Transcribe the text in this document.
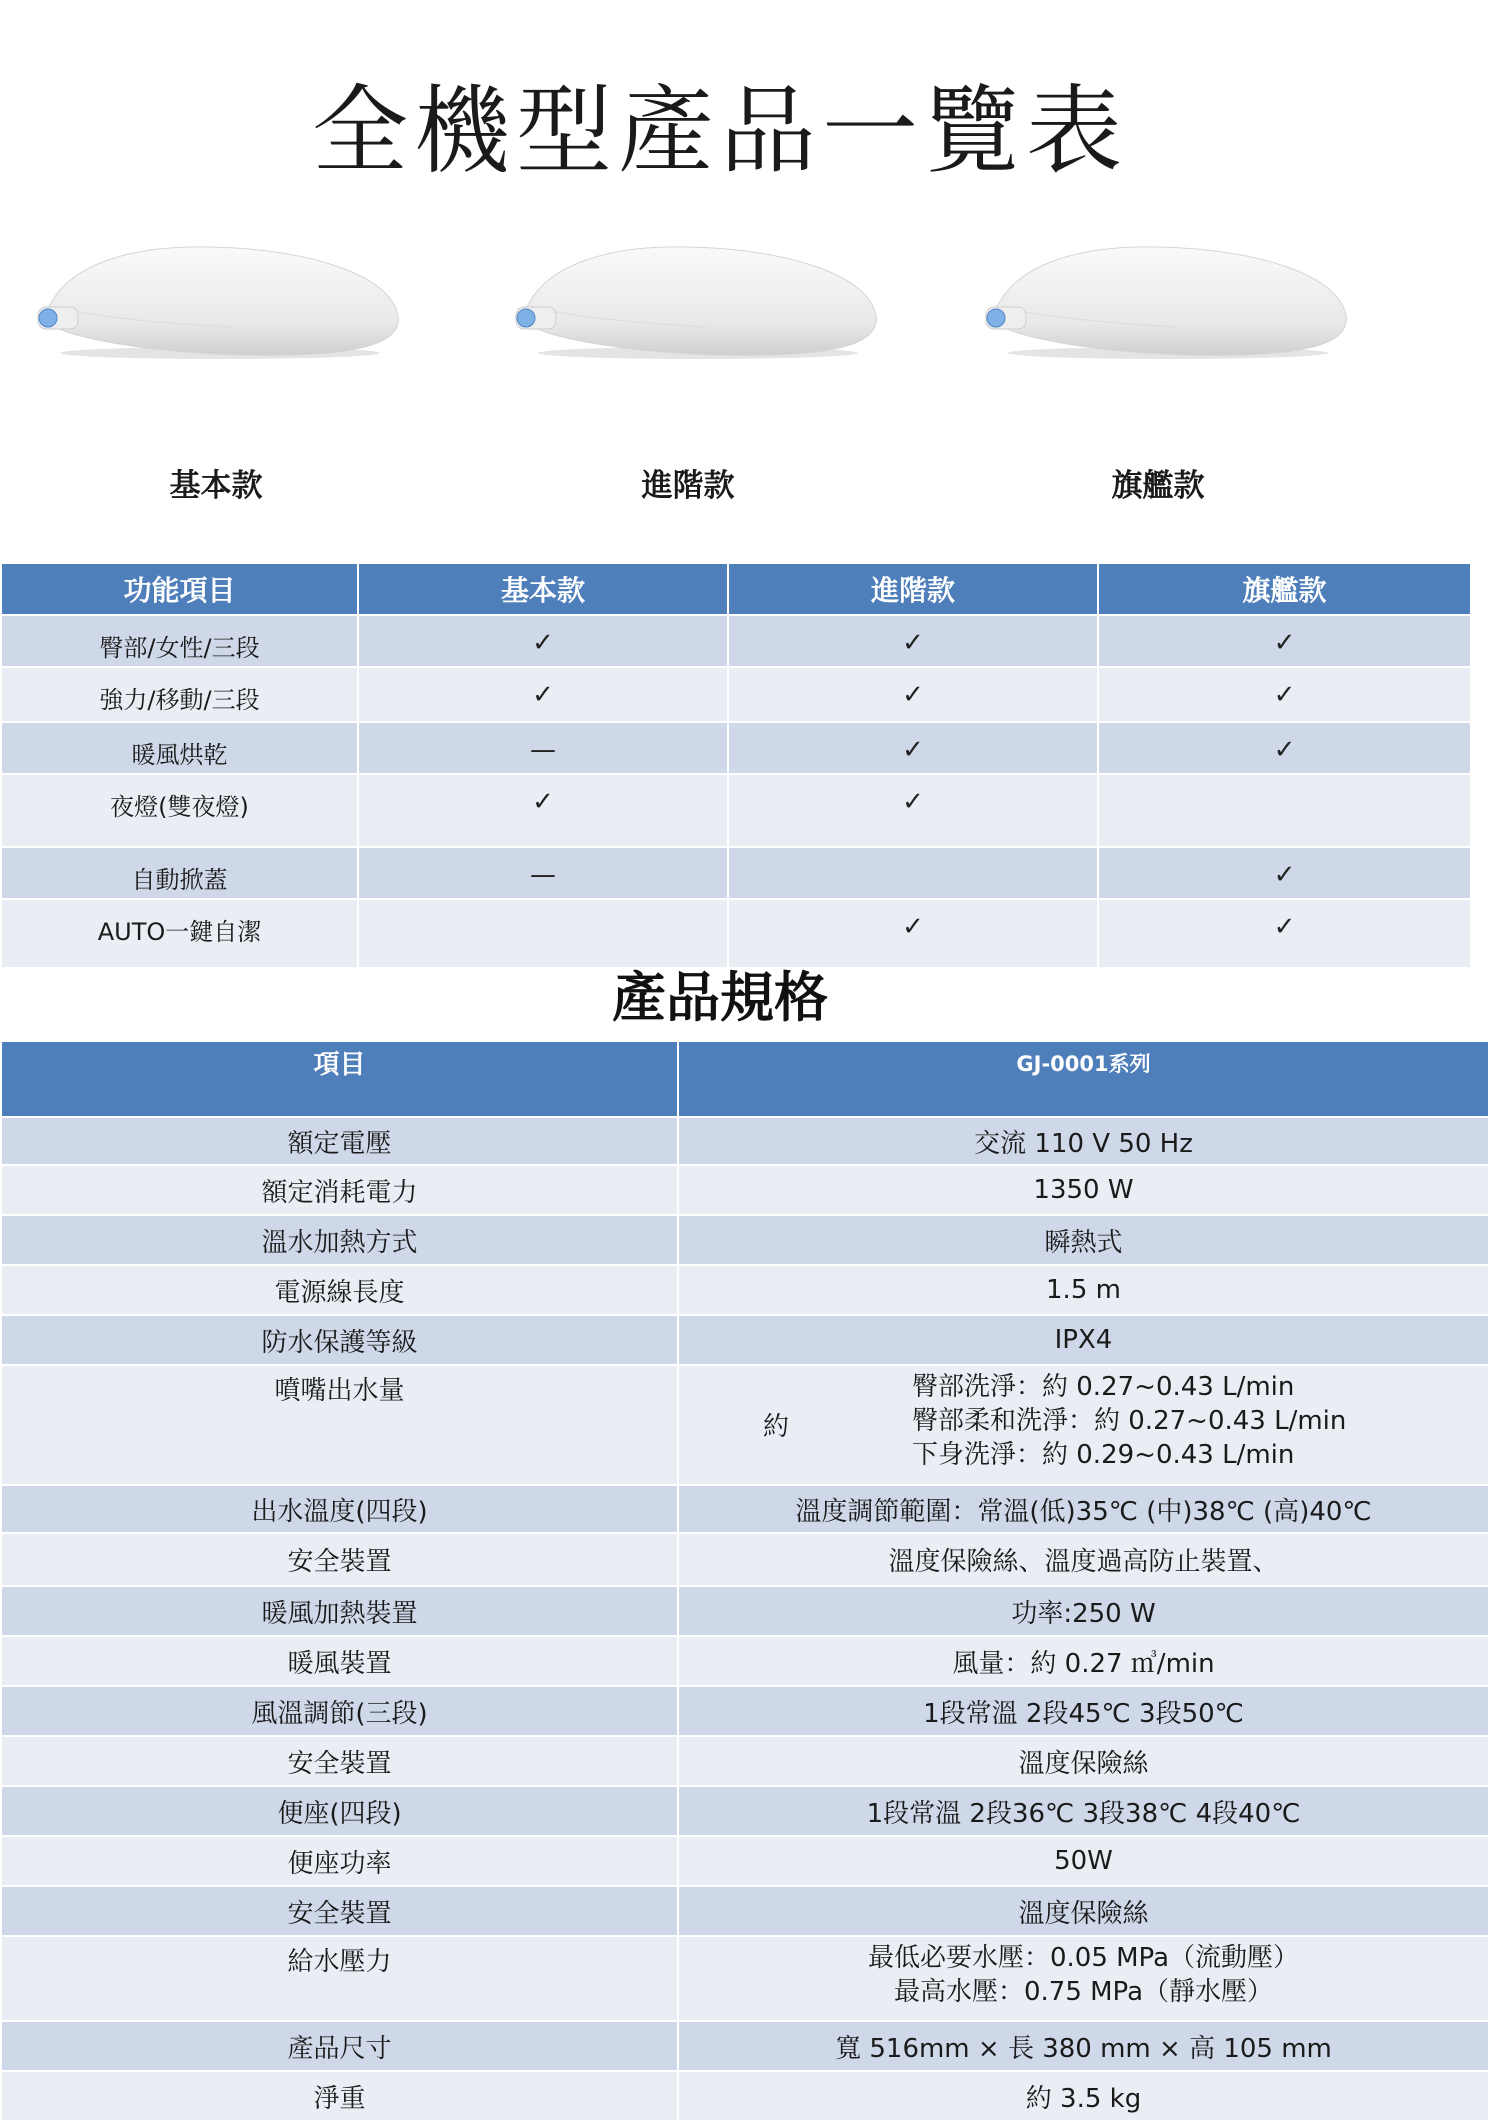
全機型產品一覽表
基本款	進階款	旗艦款
功能項目	基本款	進階款	旗艦款

臀部/女性/三段	✓	✓	✓

強力/移動/三段	✓	✓	✓

暖風烘乾	—	✓	✓

夜燈(雙夜燈)	✓	✓	

自動掀蓋	—		✓

AUTO一鍵自潔		✓	✓
產品規格
項目	GJ-0001系列
額定電壓	交流 110 V 50 Hz
額定消耗電力	1350 W
溫水加熱方式	瞬熱式
電源線長度	1.5 m
防水保護等級	IPX4
噴嘴出水量	約
臀部洗淨：約 0.27~0.43 L/min
臀部柔和洗淨：約 0.27~0.43 L/min
下身洗淨：約 0.29~0.43 L/min

出水溫度(四段)	溫度調節範圍：常溫(低)35℃ (中)38℃ (高)40℃
安全裝置	溫度保險絲、溫度過高防止裝置、
暖風加熱裝置	功率:250 W
暖風裝置	風量：約 0.27 ㎥/min
風溫調節(三段)	1段常溫 2段45℃ 3段50℃
安全裝置	溫度保險絲
便座(四段)	1段常溫 2段36℃ 3段38℃ 4段40℃
便座功率	50W
安全裝置	溫度保險絲
給水壓力	最低必要水壓：0.05 MPa（流動壓）
最高水壓：0.75 MPa（靜水壓）

產品尺寸	寬 516mm × 長 380 mm × 高 105 mm
淨重	約 3.5 kg
